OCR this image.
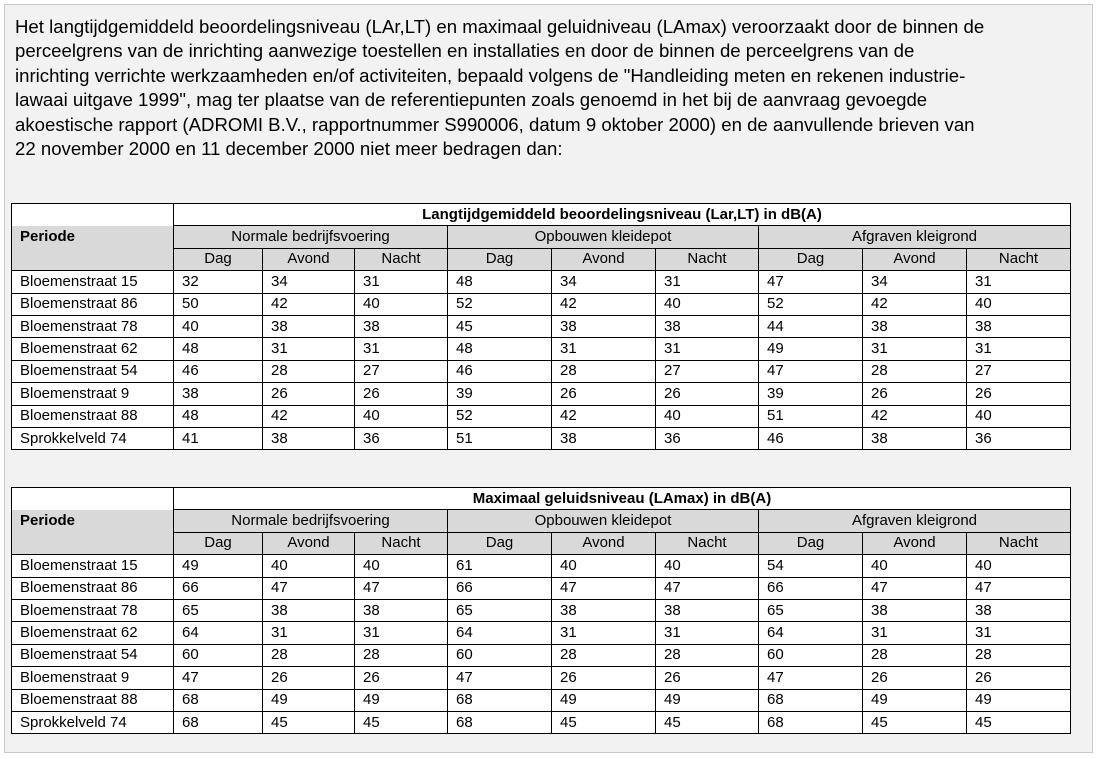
Het langtijdgemiddeld beoordelingsniveau (LAr,LT) en maximaal geluidniveau (LAmax) veroorzaakt door de binnen de
perceelgrens van de inrichting aanwezige toestellen en installaties en door de binnen de perceelgrens van de
inrichting verrichte werkzaamheden en/of activiteiten, bepaald volgens de "Handleiding meten en rekenen industrie-
lawaai uitgave 1999", mag ter plaatse van de referentiepunten zoals genoemd in het bij de aanvraag gevoegde
akoestische rapport (ADROMI B.V., rapportnummer S990006, datum 9 oktober 2000) en de aanvullende brieven van
22 november 2000 en 11 december 2000 niet meer bedragen dan:

	Langtijdgemiddeld beoordelingsniveau (Lar,LT) in dB(A)								
Periode	Normale bedrijfsvoering			Opbouwen kleidepot			Afgraven kleigrond		
	Dag	Avond	Nacht	Dag	Avond	Nacht	Dag	Avond	Nacht
Bloemenstraat 15	32	34	31	48	34	31	47	34	31
Bloemenstraat 86	50	42	40	52	42	40	52	42	40
Bloemenstraat 78	40	38	38	45	38	38	44	38	38
Bloemenstraat 62	48	31	31	48	31	31	49	31	31
Bloemenstraat 54	46	28	27	46	28	27	47	28	27
Bloemenstraat 9	38	26	26	39	26	26	39	26	26
Bloemenstraat 88	48	42	40	52	42	40	51	42	40
Sprokkelveld 74	41	38	36	51	38	36	46	38	36
	Maximaal geluidsniveau (LAmax) in dB(A)								
Periode	Normale bedrijfsvoering			Opbouwen kleidepot			Afgraven kleigrond		
	Dag	Avond	Nacht	Dag	Avond	Nacht	Dag	Avond	Nacht
Bloemenstraat 15	49	40	40	61	40	40	54	40	40
Bloemenstraat 86	66	47	47	66	47	47	66	47	47
Bloemenstraat 78	65	38	38	65	38	38	65	38	38
Bloemenstraat 62	64	31	31	64	31	31	64	31	31
Bloemenstraat 54	60	28	28	60	28	28	60	28	28
Bloemenstraat 9	47	26	26	47	26	26	47	26	26
Bloemenstraat 88	68	49	49	68	49	49	68	49	49
Sprokkelveld 74	68	45	45	68	45	45	68	45	45
